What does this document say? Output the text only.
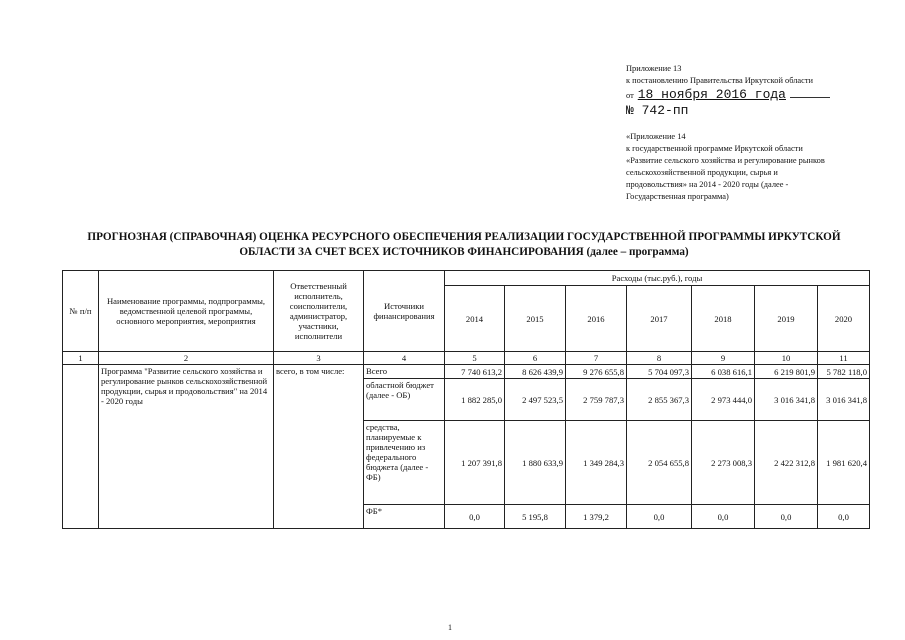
Приложение 13
к постановлению Правительства Иркутской области
от 18 ноября 2016 года
№ 742-пп
«Приложение 14
к государственной программе Иркутской области
«Развитие сельского хозяйства и регулирование рынков
сельскохозяйственной продукции, сырья и
продовольствия» на 2014 - 2020 годы (далее -
Государственная программа)
ПРОГНОЗНАЯ (СПРАВОЧНАЯ) ОЦЕНКА РЕСУРСНОГО ОБЕСПЕЧЕНИЯ РЕАЛИЗАЦИИ ГОСУДАРСТВЕННОЙ ПРОГРАММЫ ИРКУТСКОЙ
ОБЛАСТИ ЗА СЧЕТ ВСЕХ ИСТОЧНИКОВ ФИНАНСИРОВАНИЯ (далее – программа)
№ п/п	Наименование программы, подпрограммы, ведомственной целевой программы, основного мероприятия, мероприятия	Ответственный исполнитель, соисполнители, администратор, участники, исполнители	Источники финансирования	Расходы (тыс.руб.), годы						
				2014	2015	2016	2017	2018	2019	2020
1	2	3	4	5	6	7	8	9	10	11
	Программа "Развитие сельского хозяйства и регулирование рынков сельскохозяйственной продукции, сырья и продовольствия" на 2014 - 2020 годы	всего, в том числе:	Всего	7 740 613,2	8 626 439,9	9 276 655,8	5 704 097,3	6 038 616,1	6 219 801,9	5 782 118,0
			областной бюджет (далее - ОБ)	1 882 285,0	2 497 523,5	2 759 787,3	2 855 367,3	2 973 444,0	3 016 341,8	3 016 341,8
			средства, планируемые к привлечению из федерального бюджета (далее - ФБ)	1 207 391,8	1 880 633,9	1 349 284,3	2 054 655,8	2 273 008,3	2 422 312,8	1 981 620,4
			ФБ*	0,0	5 195,8	1 379,2	0,0	0,0	0,0	0,0
1
